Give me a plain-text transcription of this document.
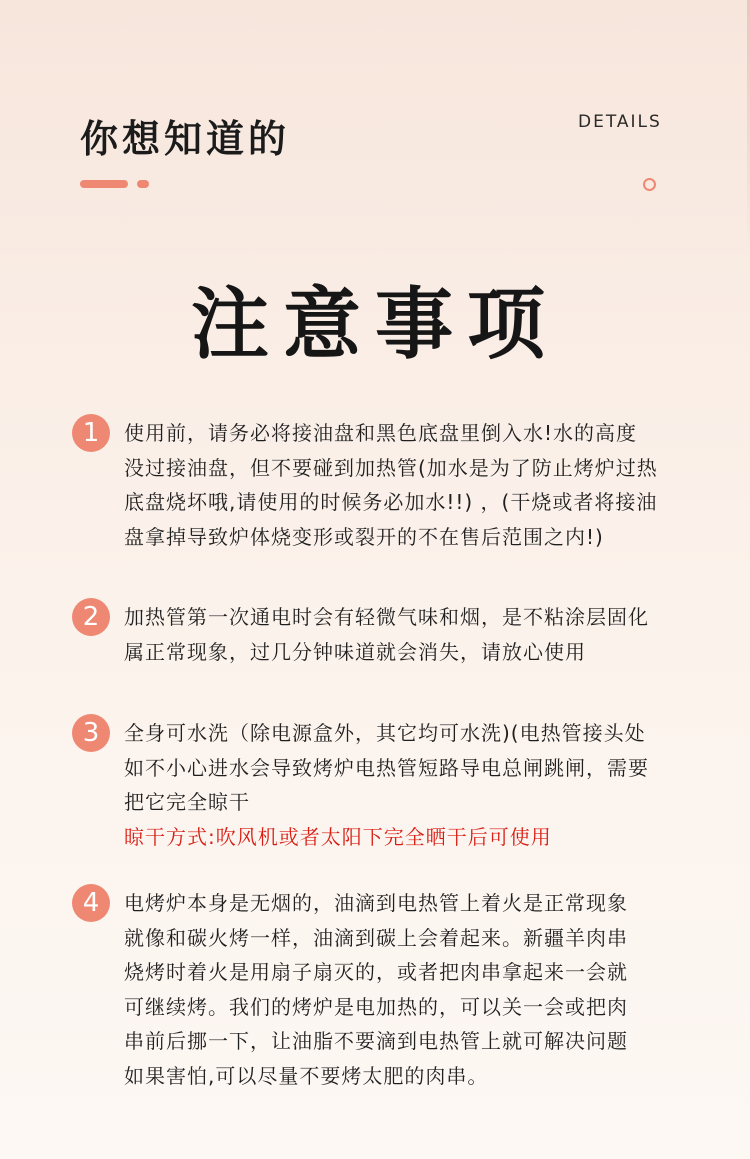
你想知道的	DETAILS
注意事项
1	使用前，请务必将接油盘和黑色底盘里倒入水!水的高度
没过接油盘，但不要碰到加热管(加水是为了防止烤炉过热
底盘烧坏哦,请使用的时候务必加水!!) ，(干烧或者将接油
盘拿掉导致炉体烧变形或裂开的不在售后范围之内!)
2	加热管第一次通电时会有轻微气味和烟，是不粘涂层固化
属正常现象，过几分钟味道就会消失，请放心使用
3	全身可水洗（除电源盒外，其它均可水洗)(电热管接头处
如不小心进水会导致烤炉电热管短路导电总闸跳闸，需要
把它完全晾干
晾干方式:吹风机或者太阳下完全晒干后可使用
4	电烤炉本身是无烟的，油滴到电热管上着火是正常现象
就像和碳火烤一样，油滴到碳上会着起来。新疆羊肉串
烧烤时着火是用扇子扇灭的，或者把肉串拿起来一会就
可继续烤。我们的烤炉是电加热的，可以关一会或把肉
串前后挪一下，让油脂不要滴到电热管上就可解决问题
如果害怕,可以尽量不要烤太肥的肉串。
